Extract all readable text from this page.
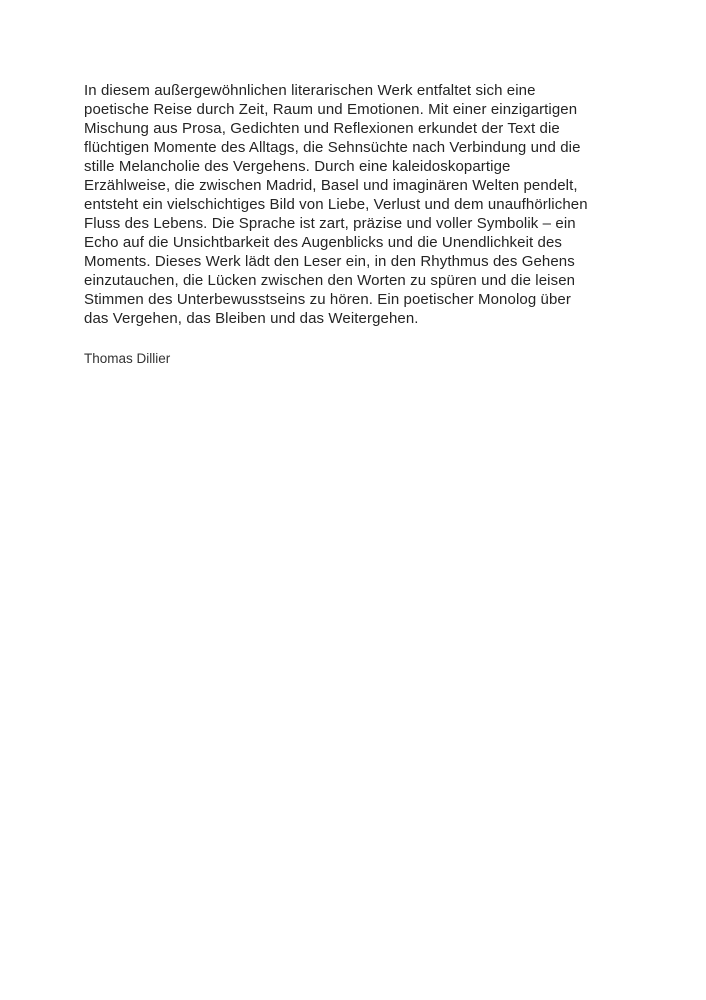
In diesem außergewöhnlichen literarischen Werk entfaltet sich eine
poetische Reise durch Zeit, Raum und Emotionen. Mit einer einzigartigen
Mischung aus Prosa, Gedichten und Reflexionen erkundet der Text die
flüchtigen Momente des Alltags, die Sehnsüchte nach Verbindung und die
stille Melancholie des Vergehens. Durch eine kaleidoskopartige
Erzählweise, die zwischen Madrid, Basel und imaginären Welten pendelt,
entsteht ein vielschichtiges Bild von Liebe, Verlust und dem unaufhörlichen
Fluss des Lebens. Die Sprache ist zart, präzise und voller Symbolik – ein
Echo auf die Unsichtbarkeit des Augenblicks und die Unendlichkeit des
Moments. Dieses Werk lädt den Leser ein, in den Rhythmus des Gehens
einzutauchen, die Lücken zwischen den Worten zu spüren und die leisen
Stimmen des Unterbewusstseins zu hören. Ein poetischer Monolog über
das Vergehen, das Bleiben und das Weitergehen.
Thomas Dillier
